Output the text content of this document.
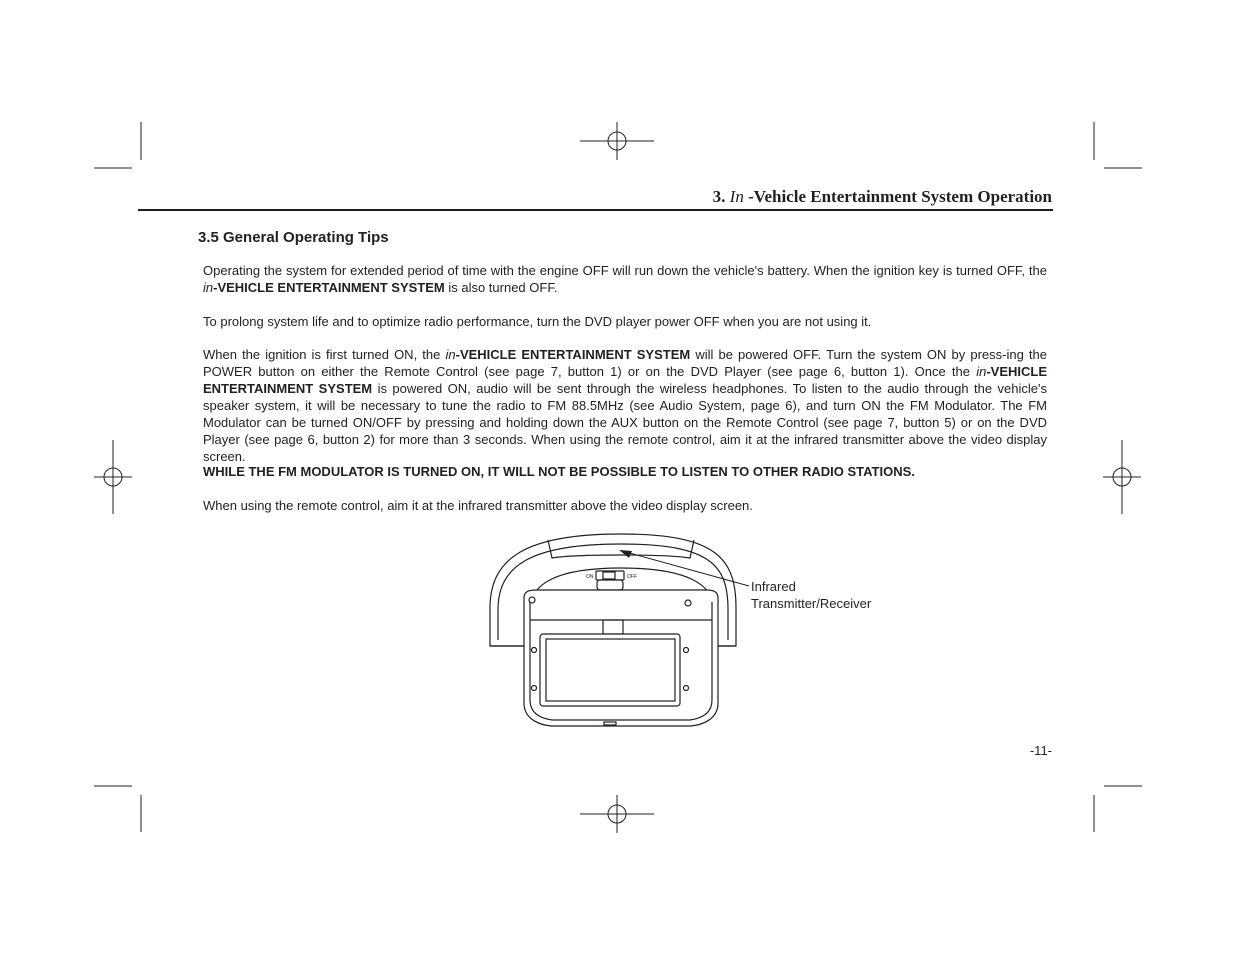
3. In -Vehicle Entertainment System Operation
3.5 General Operating Tips

Operating the system for extended period of time with the engine OFF will run down the vehicle's battery. When the ignition key is turned OFF, the in-VEHICLE ENTERTAINMENT SYSTEM is also turned OFF.

To prolong system life and to optimize radio performance, turn the DVD player power OFF when you are not using it.

When the ignition is first turned ON, the in-VEHICLE ENTERTAINMENT SYSTEM will be powered OFF. Turn the system ON by press-ing the POWER button on either the Remote Control (see page 7, button 1) or on the DVD Player (see page 6, button 1). Once the in-VEHICLE ENTERTAINMENT SYSTEM is powered ON, audio will be sent through the wireless headphones. To listen to the audio through the vehicle's speaker system, it will be necessary to tune the radio to FM 88.5MHz (see Audio System, page 6), and turn ON the FM Modulator. The FM Modulator can be turned ON/OFF by pressing and holding down the AUX button on the Remote Control (see page 7, button 5) or on the DVD Player (see page 6, button 2) for more than 3 seconds. When using the remote control, aim it at the infrared transmitter above the video display screen.

WHILE THE FM MODULATOR IS TURNED ON, IT WILL NOT BE POSSIBLE TO LISTEN TO OTHER RADIO STATIONS.

When using the remote control, aim it at the infrared transmitter above the video display screen.

ON	OFF
Infrared
Transmitter/Receiver
-11-
